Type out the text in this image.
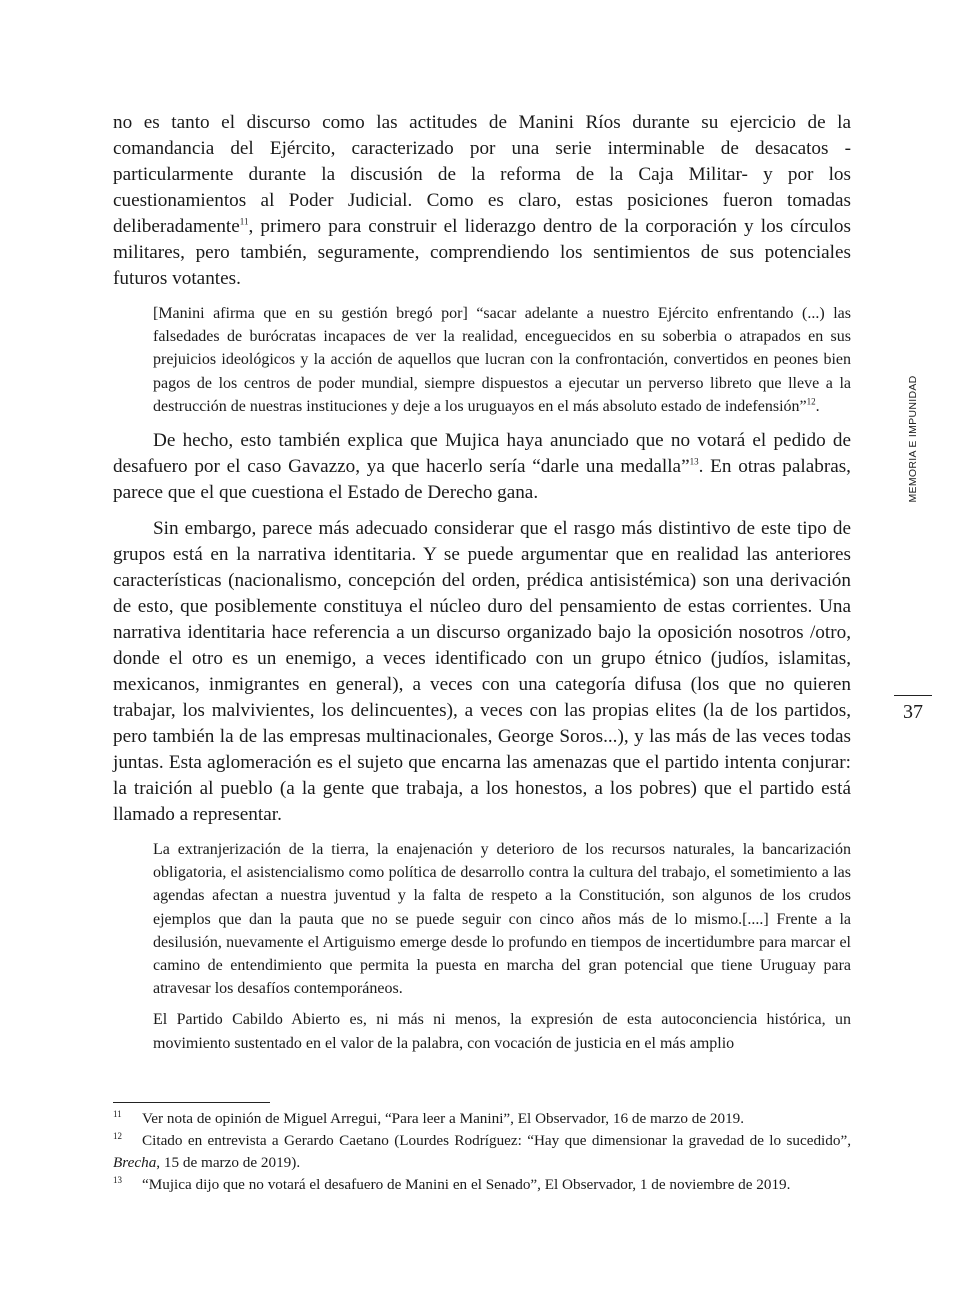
no es tanto el discurso como las actitudes de Manini Ríos durante su ejercicio de la comandancia del Ejército, caracterizado por una serie interminable de desacatos -particularmente durante la discusión de la reforma de la Caja Militar- y por los cuestionamientos al Poder Judicial. Como es claro, estas posiciones fueron tomadas deliberadamente$^{11}$, primero para construir el liderazgo dentro de la corporación y los círculos militares, pero también, seguramente, comprendiendo los sentimientos de sus potenciales futuros votantes.

[Manini afirma que en su gestión bregó por] “sacar adelante a nuestro Ejército enfrentando (...) las falsedades de burócratas incapaces de ver la realidad, enceguecidos en su soberbia o atrapados en sus prejuicios ideológicos y la acción de aquellos que lucran con la confrontación, convertidos en peones bien pagos de los centros de poder mundial, siempre dispuestos a ejecutar un perverso libreto que lleve a la destrucción de nuestras instituciones y deje a los uruguayos en el más absoluto estado de indefensión”$^{12}$.

De hecho, esto también explica que Mujica haya anunciado que no votará el pedido de desafuero por el caso Gavazzo, ya que hacerlo sería “darle una medalla”$^{13}$. En otras palabras, parece que el que cuestiona el Estado de Derecho gana.

Sin embargo, parece más adecuado considerar que el rasgo más distintivo de este tipo de grupos está en la narrativa identitaria. Y se puede argumentar que en realidad las anteriores características (nacionalismo, concepción del orden, prédica antisistémica) son una derivación de esto, que posiblemente constituya el núcleo duro del pensamiento de estas corrientes. Una narrativa identitaria hace referencia a un discurso organizado bajo la oposición nosotros /otro, donde el otro es un enemigo, a veces identificado con un grupo étnico (judíos, islamitas, mexicanos, inmigrantes en general), a veces con una categoría difusa (los que no quieren trabajar, los malvivientes, los delincuentes), a veces con las propias elites (la de los partidos, pero también la de las empresas multinacionales, George Soros...), y las más de las veces todas juntas. Esta aglomeración es el sujeto que encarna las amenazas que el partido intenta conjurar: la traición al pueblo (a la gente que trabaja, a los honestos, a los pobres) que el partido está llamado a representar.

La extranjerización de la tierra, la enajenación y deterioro de los recursos naturales, la bancarización obligatoria, el asistencialismo como política de desarrollo contra la cultura del trabajo, el sometimiento a las agendas afectan a nuestra juventud y la falta de respeto a la Constitución, son algunos de los crudos ejemplos que dan la pauta que no se puede seguir con cinco años más de lo mismo.[....] Frente a la desilusión, nuevamente el Artiguismo emerge desde lo profundo en tiempos de incertidumbre para marcar el camino de entendimiento que permita la puesta en marcha del gran potencial que tiene Uruguay para atravesar los desafíos contemporáneos.

El Partido Cabildo Abierto es, ni más ni menos, la expresión de esta autoconciencia histórica, un movimiento sustentado en el valor de la palabra, con vocación de justicia en el más amplio

11 Ver nota de opinión de Miguel Arregui, “Para leer a Manini”, El Observador, 16 de marzo de 2019.

12 Citado en entrevista a Gerardo Caetano (Lourdes Rodríguez: “Hay que dimensionar la gravedad de lo sucedido”, Brecha, 15 de marzo de 2019).

13 “Mujica dijo que no votará el desafuero de Manini en el Senado”, El Observador, 1 de noviembre de 2019.

MEMORIA E IMPUNIDAD
37
